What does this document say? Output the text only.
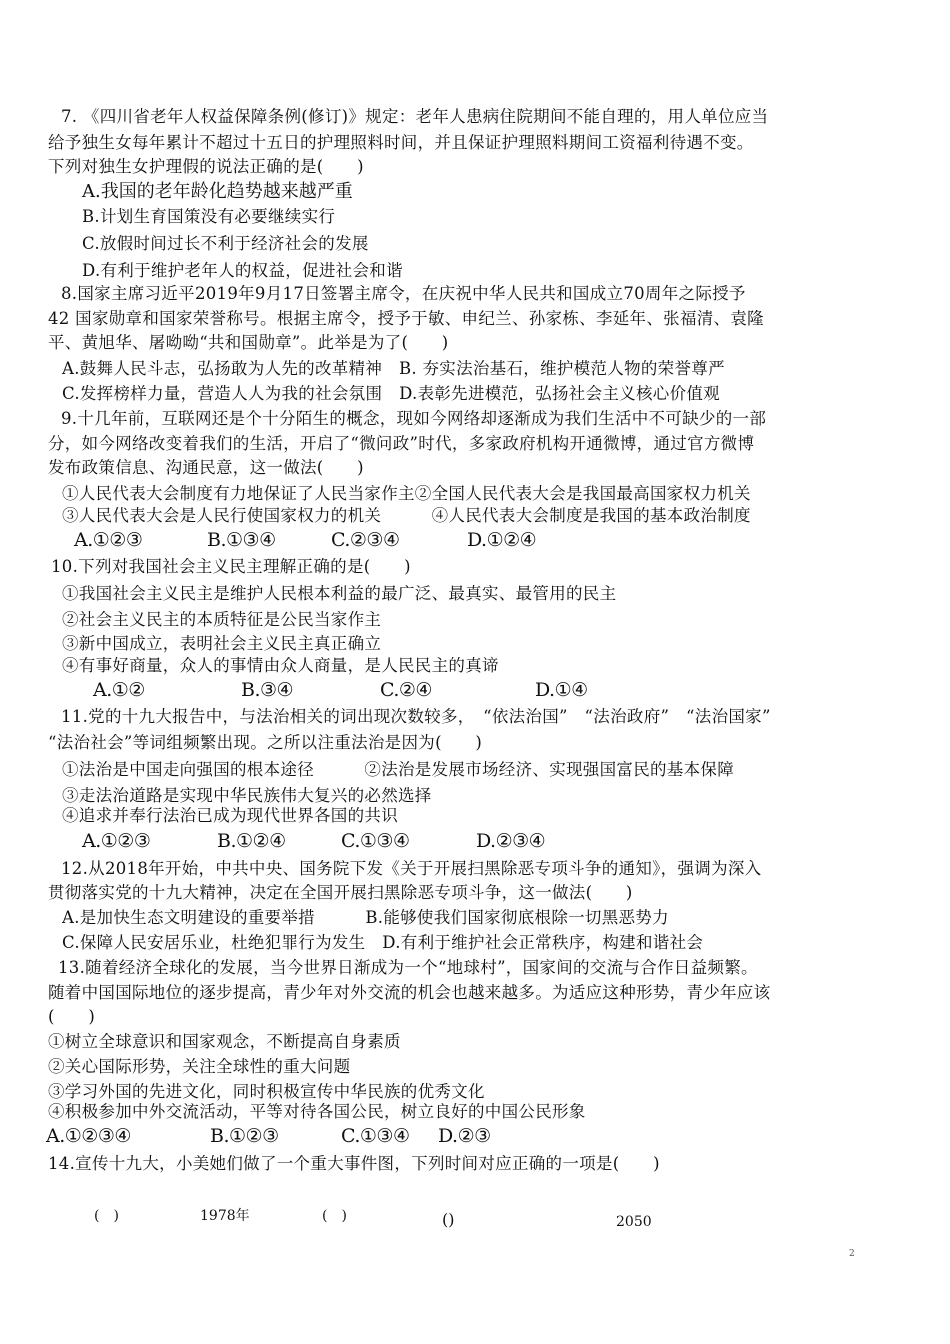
7. 《四川省老年人权益保障条例(修订)》规定：老年人患病住院期间不能自理的，用人单位应当
给予独生女每年累计不超过十五日的护理照料时间，并且保证护理照料期间工资福利待遇不变。
下列对独生女护理假的说法正确的是(　　)
A.我国的老年龄化趋势越来越严重
B.计划生育国策没有必要继续实行
C.放假时间过长不利于经济社会的发展
D.有利于维护老年人的权益，促进社会和谐
8.国家主席习近平2019年9月17日签署主席令，在庆祝中华人民共和国成立70周年之际授予
42 国家勋章和国家荣誉称号。根据主席令，授予于敏、申纪兰、孙家栋、李延年、张福清、袁隆
平、黄旭华、屠呦呦“共和国勋章”。此举是为了(　　)
A.鼓舞人民斗志，弘扬敢为人先的改革精神　B. 夯实法治基石，维护模范人物的荣誉尊严
C.发挥榜样力量，营造人人为我的社会氛围　D.表彰先进模范，弘扬社会主义核心价值观
9.十几年前，互联网还是个十分陌生的概念，现如今网络却逐渐成为我们生活中不可缺少的一部
分，如今网络改变着我们的生活，开启了“微问政”时代，多家政府机构开通微博，通过官方微博
发布政策信息、沟通民意，这一做法(　　)
①人民代表大会制度有力地保证了人民当家作主②全国人民代表大会是我国最高国家权力机关
③人民代表大会是人民行使国家权力的机关　　　④人民代表大会制度是我国的基本政治制度
A.①②③	B.①③④	C.②③④	D.①②④
10.下列对我国社会主义民主理解正确的是(　　)
①我国社会主义民主是维护人民根本利益的最广泛、最真实、最管用的民主
②社会主义民主的本质特征是公民当家作主
③新中国成立，表明社会主义民主真正确立
④有事好商量，众人的事情由众人商量，是人民民主的真谛
A.①②	B.③④	C.②④	D.①④
11.党的十九大报告中，与法治相关的词出现次数较多，　“依法治国”　“法治政府”　“法治国家”
“法治社会”等词组频繁出现。之所以注重法治是因为(　　)
①法治是中国走向强国的根本途径　　　②法治是发展市场经济、实现强国富民的基本保障
③走法治道路是实现中华民族伟大复兴的必然选择
④追求并奉行法治已成为现代世界各国的共识
A.①②③	B.①②④	C.①③④	D.②③④
12.从2018年开始，中共中央、国务院下发《关于开展扫黑除恶专项斗争的通知》，强调为深入
贯彻落实党的十九大精神，决定在全国开展扫黑除恶专项斗争，这一做法(　　)
A.是加快生态文明建设的重要举措　　　B.能够使我们国家彻底根除一切黑恶势力
C.保障人民安居乐业，杜绝犯罪行为发生　D.有利于维护社会正常秩序，构建和谐社会
13.随着经济全球化的发展，当今世界日渐成为一个“地球村”，国家间的交流与合作日益频繁。
随着中国国际地位的逐步提高，青少年对外交流的机会也越来越多。为适应这种形势，青少年应该
(　　)
①树立全球意识和国家观念，不断提高自身素质
②关心国际形势，关注全球性的重大问题
③学习外国的先进文化，同时积极宣传中华民族的优秀文化
④积极参加中外交流活动，平等对待各国公民，树立良好的中国公民形象
A.①②③④	B.①②③	C.①③④ D.②③
14.宣传十九大，小美她们做了一个重大事件图，下列时间对应正确的一项是(　　)
(　)	1978年	(　)	()	2050
2
